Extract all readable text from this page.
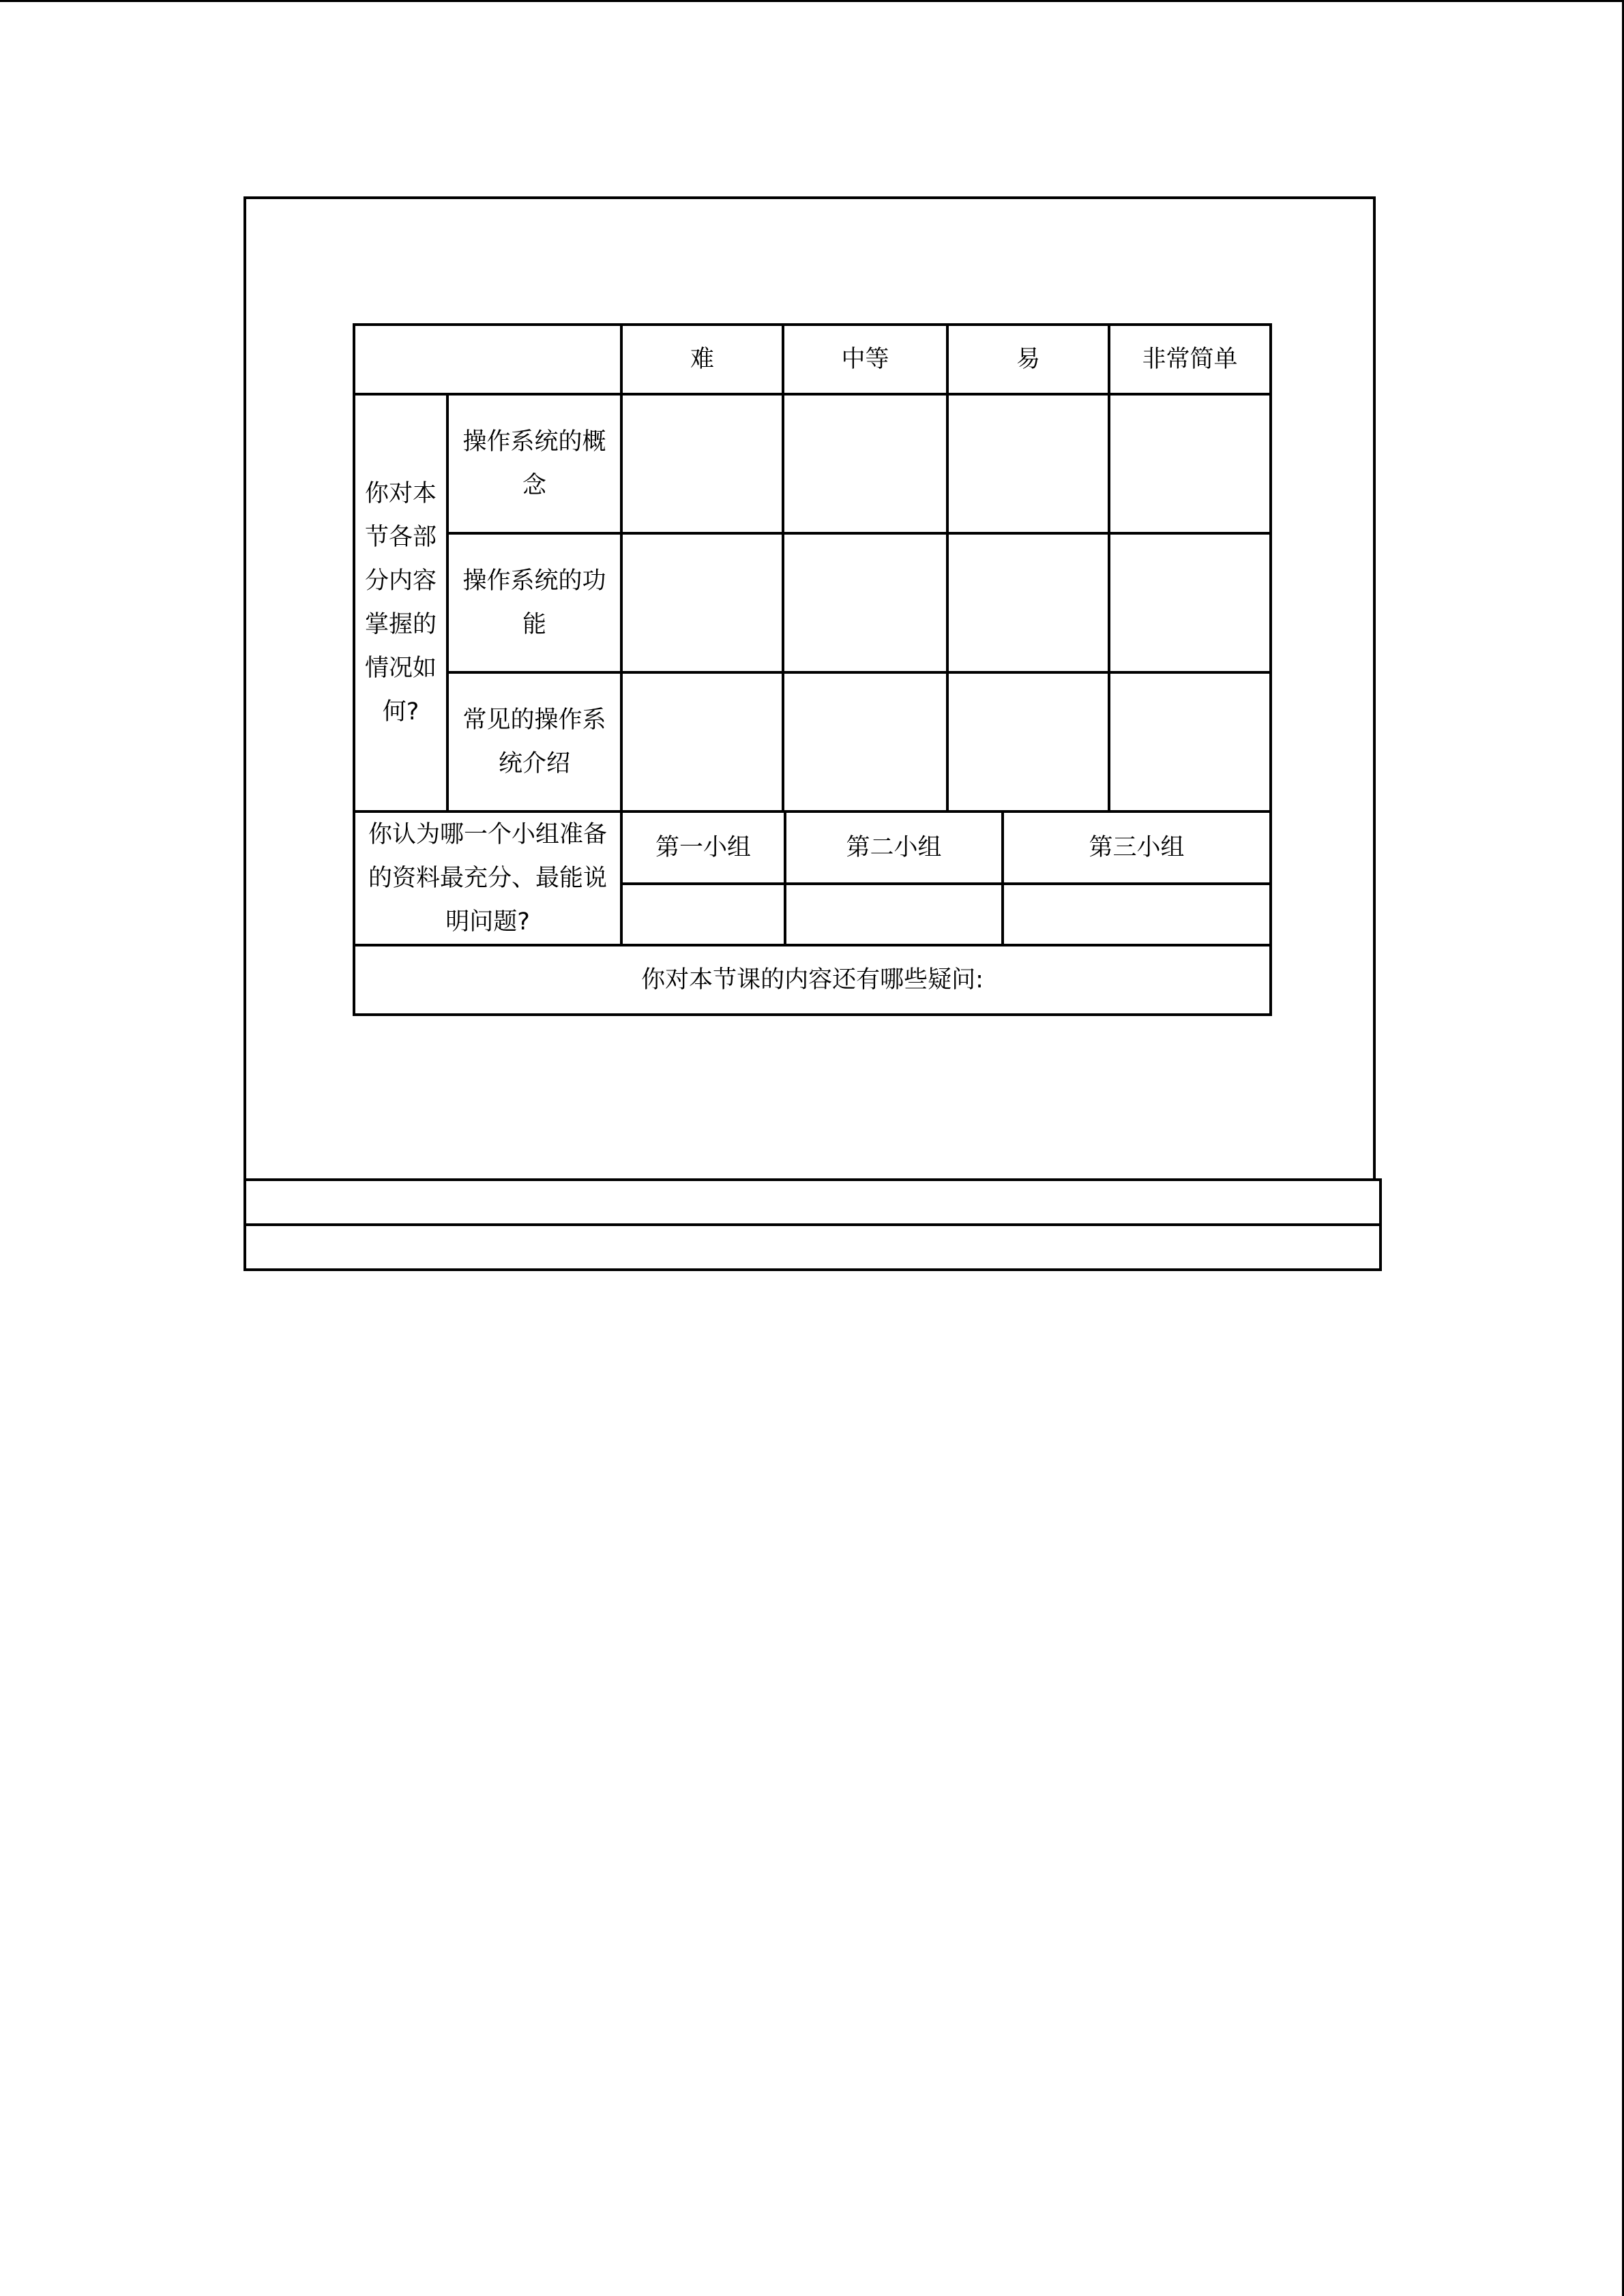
		难	中等		易		非常简单
你对本节各部分内容掌握的情况如何?	操作系统的概念						
	操作系统的功能						
	常见的操作系统介绍						
你认为哪一个小组准备的资料最充分、最能说明问题?		第一小组		第二小组		第三小组	

你对本节课的内容还有哪些疑问:							
